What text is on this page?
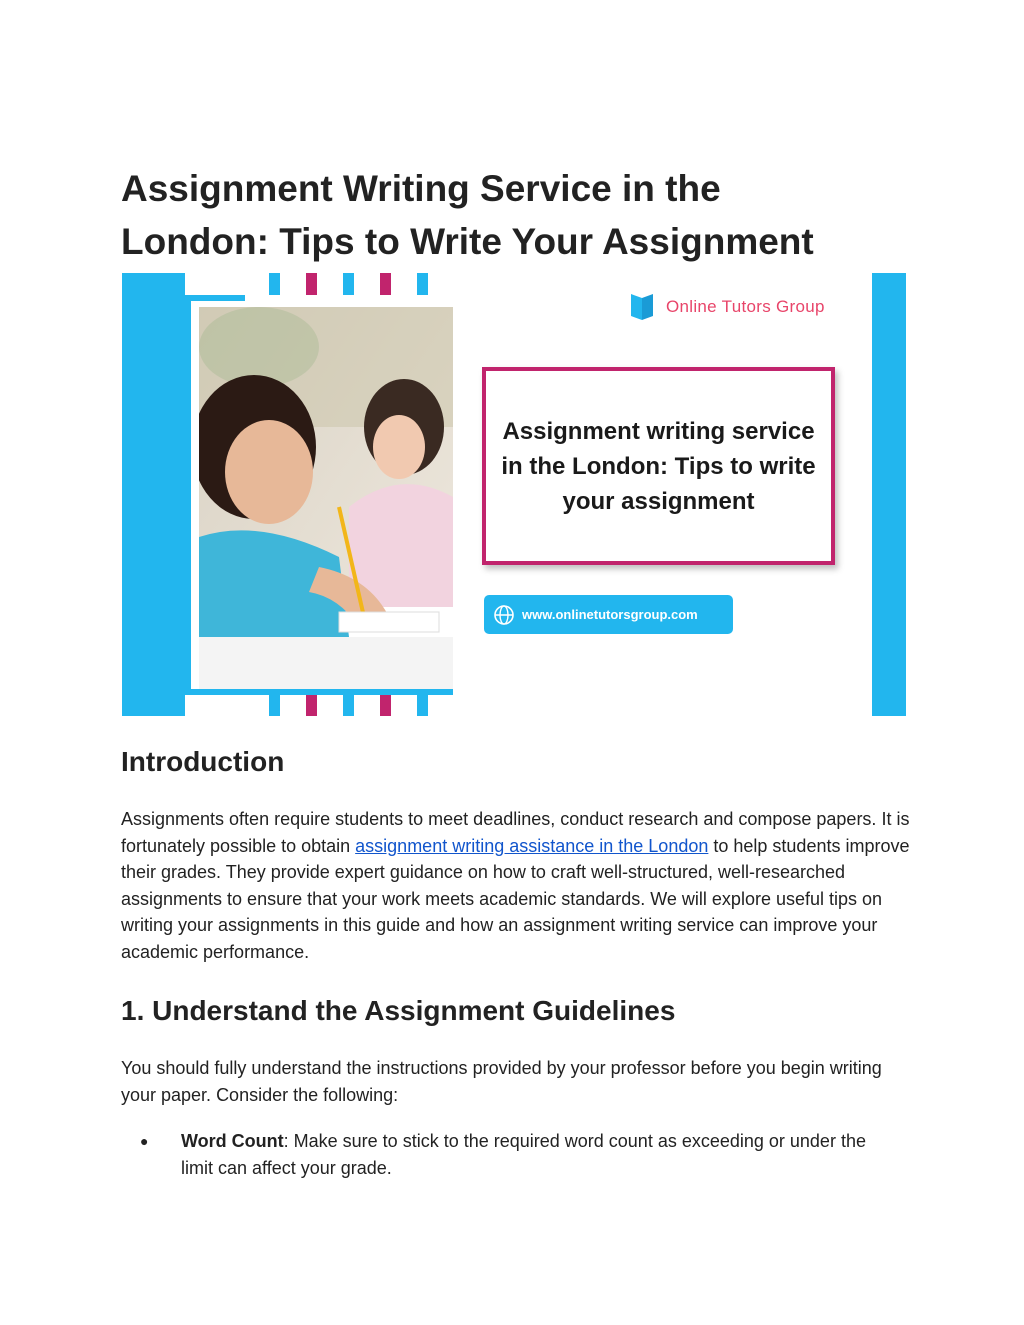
Assignment Writing Service in the
London: Tips to Write Your Assignment
Online Tutors Group
Assignment writing service
in the London: Tips to write
your assignment
www.onlinetutorsgroup.com
Introduction

Assignments often require students to meet deadlines, conduct research and compose papers. It is fortunately possible to obtain assignment writing assistance in the London to help students improve their grades. They provide expert guidance on how to craft well-structured, well-researched assignments to ensure that your work meets academic standards. We will explore useful tips on writing your assignments in this guide and how an assignment writing service can improve your academic performance.

1. Understand the Assignment Guidelines

You should fully understand the instructions provided by your professor before you begin writing your paper. Consider the following:

● Word Count: Make sure to stick to the required word count as exceeding or under the limit can affect your grade.
